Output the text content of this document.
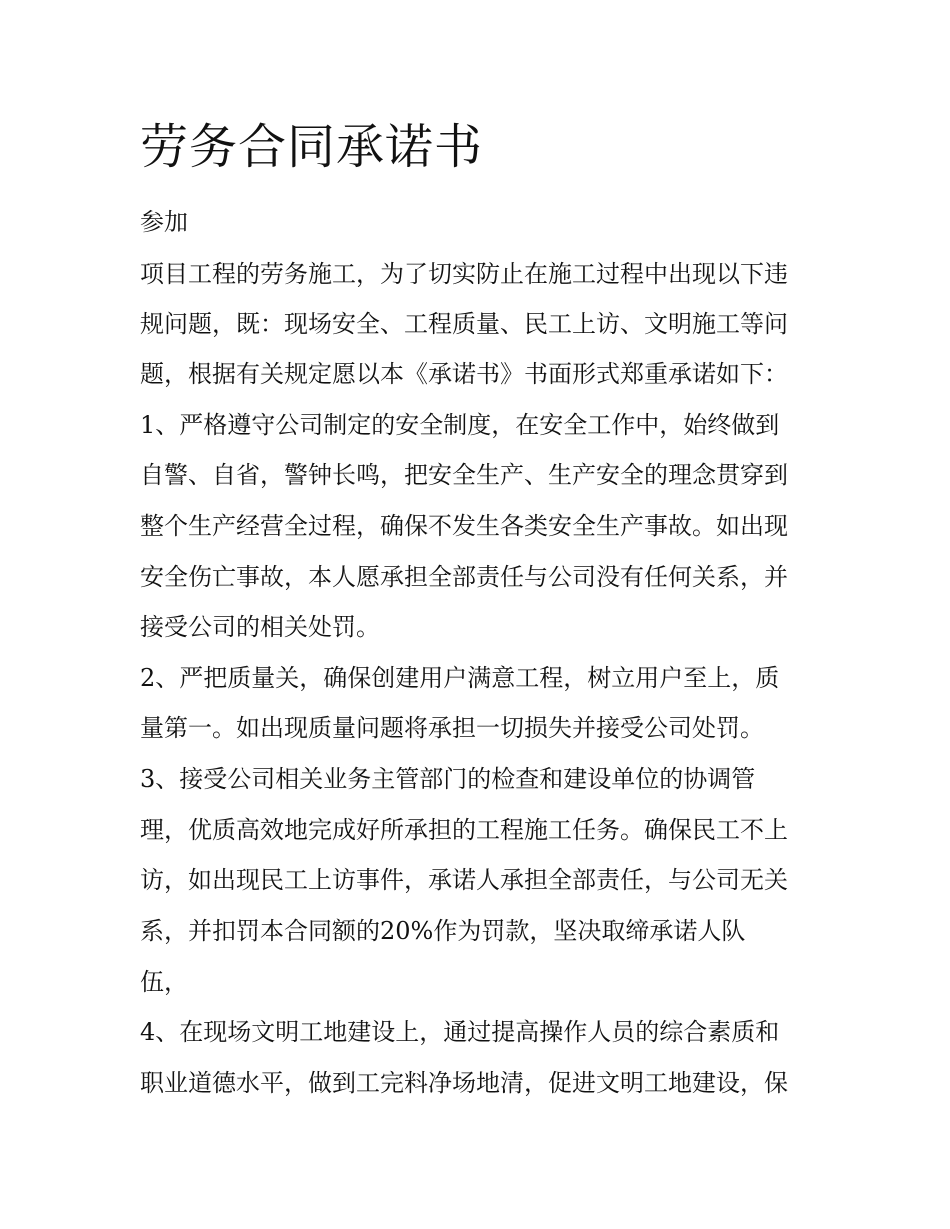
劳务合同承诺书
参加
项目工程的劳务施工，为了切实防止在施工过程中出现以下违
规问题，既：现场安全、工程质量、民工上访、文明施工等问
题，根据有关规定愿以本《承诺书》书面形式郑重承诺如下：
1、严格遵守公司制定的安全制度，在安全工作中，始终做到
自警、自省，警钟长鸣，把安全生产、生产安全的理念贯穿到
整个生产经营全过程，确保不发生各类安全生产事故。如出现
安全伤亡事故，本人愿承担全部责任与公司没有任何关系，并
接受公司的相关处罚。
2、严把质量关，确保创建用户满意工程，树立用户至上，质
量第一。如出现质量问题将承担一切损失并接受公司处罚。
3、接受公司相关业务主管部门的检查和建设单位的协调管
理，优质高效地完成好所承担的工程施工任务。确保民工不上
访，如出现民工上访事件，承诺人承担全部责任，与公司无关
系，并扣罚本合同额的20%作为罚款，坚决取缔承诺人队
伍，
4、在现场文明工地建设上，通过提高操作人员的综合素质和
职业道德水平，做到工完料净场地清，促进文明工地建设，保
